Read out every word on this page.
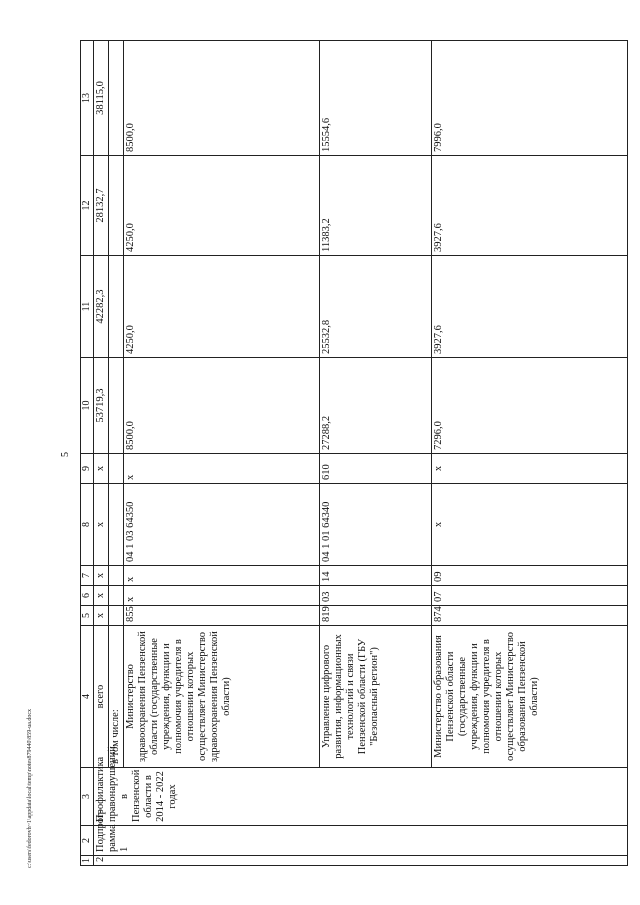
5
c:\users\fedorovh~1\appdata\local\temp\notes879440\859-ua.docx	1	2	3	4	5	6	7	8	9	10	11	12	13
2	Подпрог-рамма 1	Профилактика правонарушений в Пензенской области в 2014 - 2022 годах	всего	x	x	x	x	x	53719,3	42282,3	28132,7	38115,0
			в том числе:									
			Министерство здравоохранения Пензенской области (государственные учреждения, функции и полномочия учредителя в отношении которых осуществляет Министерство здравоохранения Пензенской области)	855	x	x	04 1 03 64350	x	8500,0	4250,0	4250,0	8500,0
			Управление цифрового развития, информационных технологий и связи Пензенской области (ГБУ "Безопасный регион")	819	03	14	04 1 01 64340	610	27288,2	25532,8	11383,2	15554,6
			Министерство образования Пензенской области (государственные учреждения, функции и полномочия учредителя в отношении которых осуществляет Министерство образования Пензенской области)	874	07	09	x	x	7296,0	3927,6	3927,6	7996,0
